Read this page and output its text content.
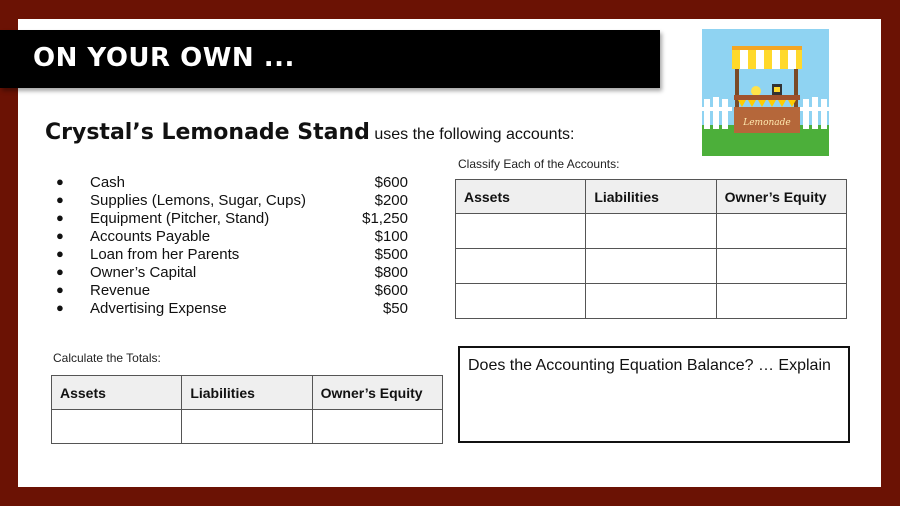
ON YOUR OWN ...
Crystal’s Lemonade Stand uses the following accounts:
● Cash	$600
● Supplies (Lemons, Sugar, Cups)	$200
● Equipment (Pitcher, Stand)	$1,250
● Accounts Payable	$100
● Loan from her Parents	$500
● Owner’s Capital	$800
● Revenue	$600
● Advertising Expense	$50
Classify Each of the Accounts:
Assets	Liabilities	Owner’s Equity

Calculate the Totals:
Assets	Liabilities	Owner’s Equity

Does the Accounting Equation Balance? … Explain
Lemonade
